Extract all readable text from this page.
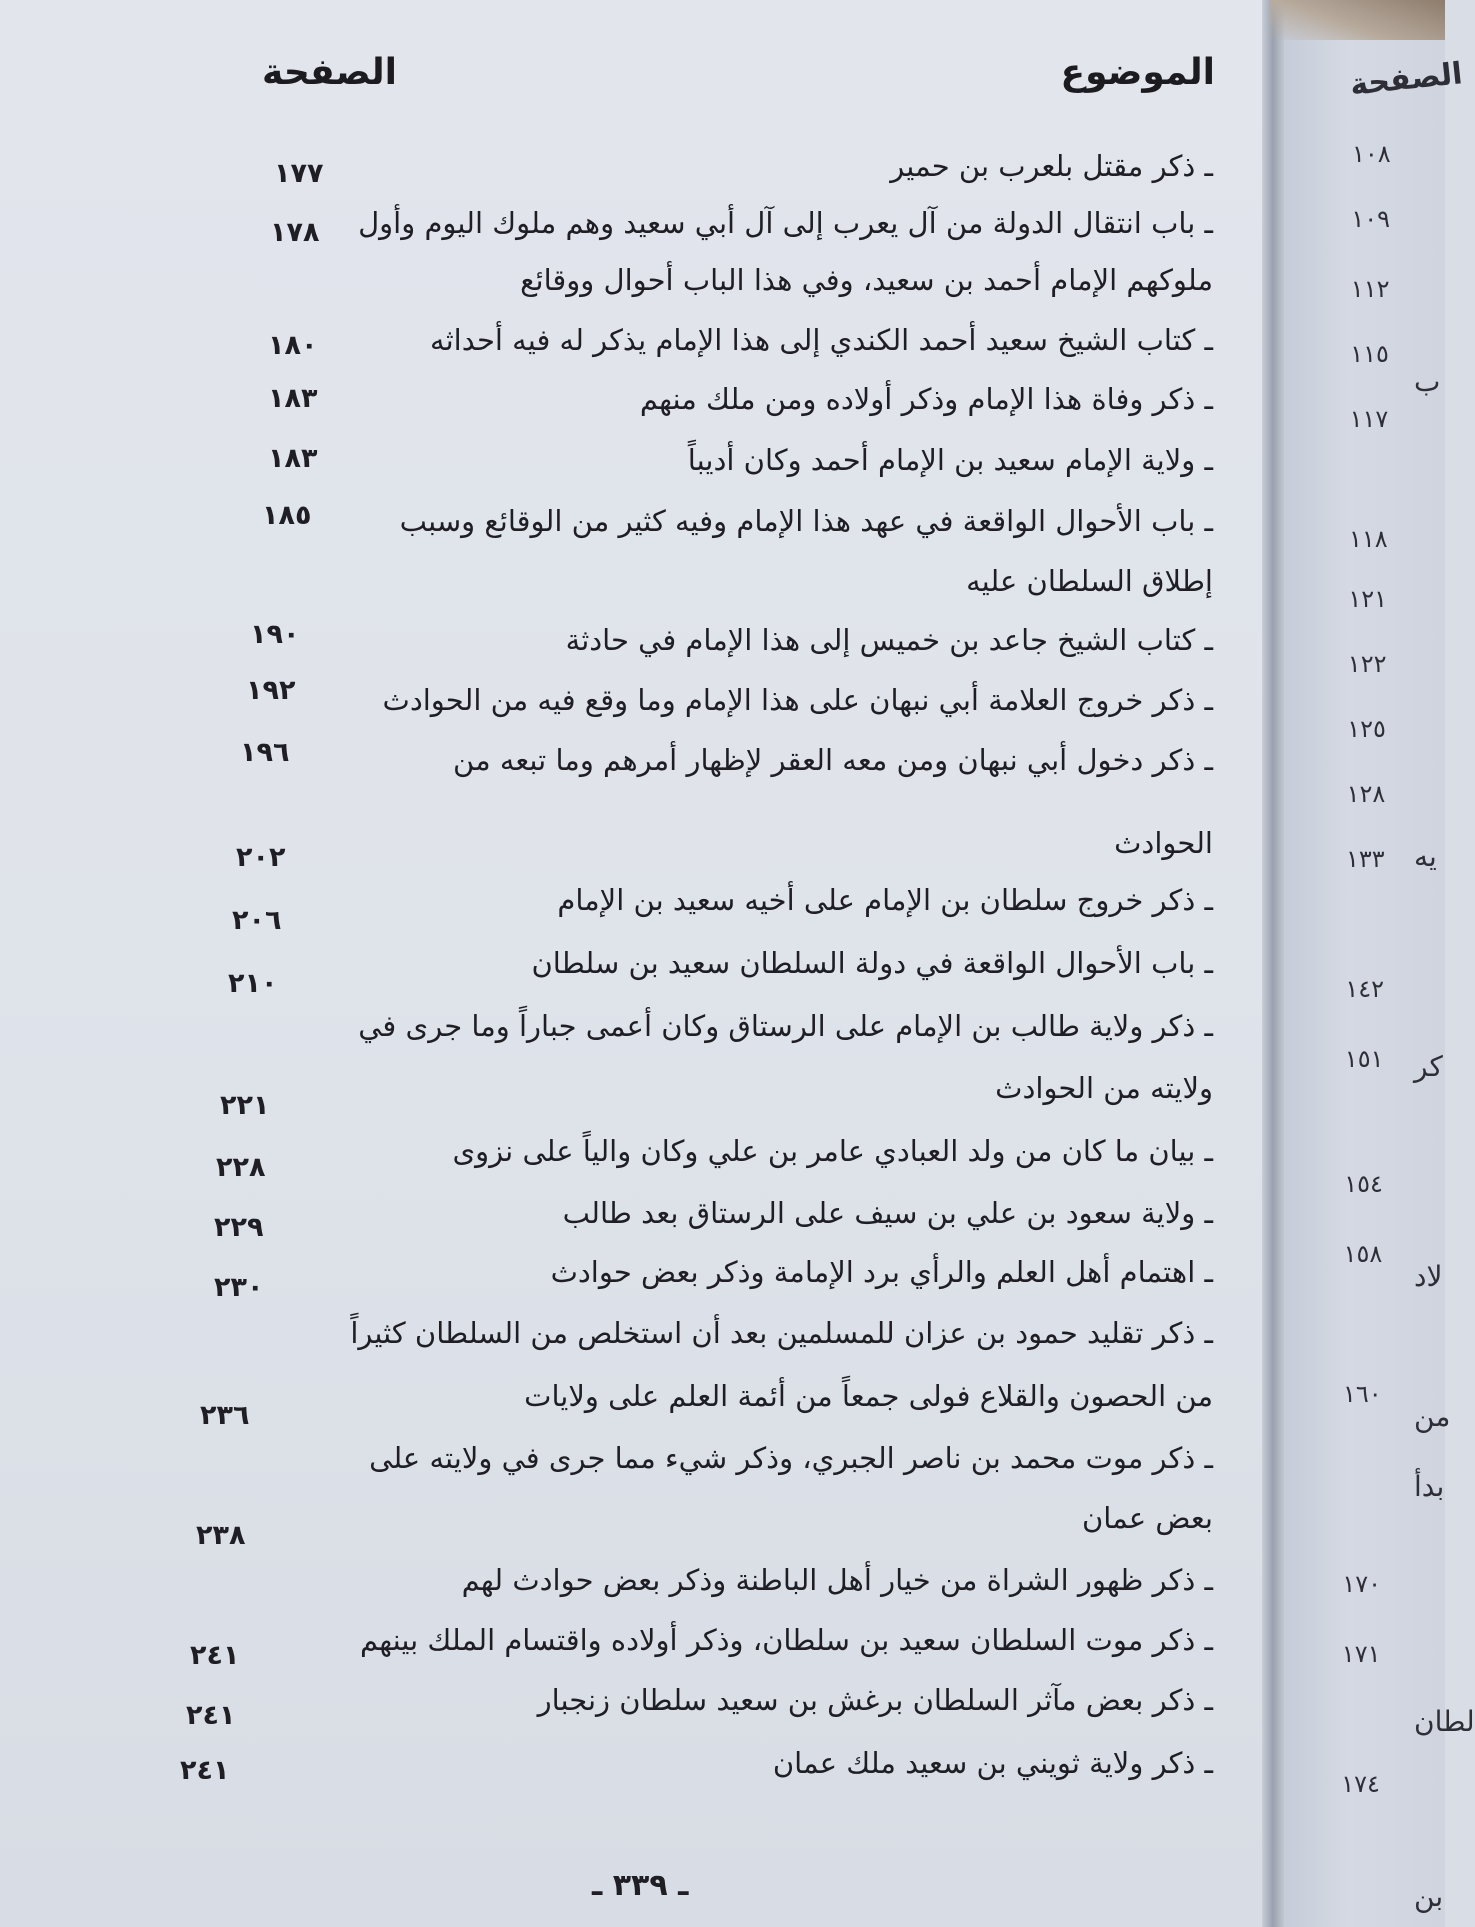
الموضوع
الصفحة
ـ ذكر مقتل بلعرب بن حمير
١٧٧
ـ باب انتقال الدولة من آل يعرب إلى آل أبي سعيد وهم ملوك اليوم وأول
١٧٨
ملوكهم الإمام أحمد بن سعيد، وفي هذا الباب أحوال ووقائع
ـ كتاب الشيخ سعيد أحمد الكندي إلى هذا الإمام يذكر له فيه أحداثه
١٨٠
ـ ذكر وفاة هذا الإمام وذكر أولاده ومن ملك منهم
١٨٣
ـ ولاية الإمام سعيد بن الإمام أحمد وكان أديباً
١٨٣
ـ باب الأحوال الواقعة في عهد هذا الإمام وفيه كثير من الوقائع وسبب
١٨٥
إطلاق السلطان عليه
ـ كتاب الشيخ جاعد بن خميس إلى هذا الإمام في حادثة
١٩٠
ـ ذكر خروج العلامة أبي نبهان على هذا الإمام وما وقع فيه من الحوادث
١٩٢
ـ ذكر دخول أبي نبهان ومن معه العقر لإظهار أمرهم وما تبعه من
١٩٦
الحوادث
ـ ذكر خروج سلطان بن الإمام على أخيه سعيد بن الإمام
٢٠٢
ـ باب الأحوال الواقعة في دولة السلطان سعيد بن سلطان
٢٠٦
ـ ذكر ولاية طالب بن الإمام على الرستاق وكان أعمى جباراً وما جرى في
٢١٠
ولايته من الحوادث
ـ بيان ما كان من ولد العبادي عامر بن علي وكان والياً على نزوى
٢٢١
ـ ولاية سعود بن علي بن سيف على الرستاق بعد طالب
٢٢٨
ـ اهتمام أهل العلم والرأي برد الإمامة وذكر بعض حوادث
٢٢٩
ـ ذكر تقليد حمود بن عزان للمسلمين بعد أن استخلص من السلطان كثيراً
٢٣٠
من الحصون والقلاع فولى جمعاً من أئمة العلم على ولايات
ـ ذكر موت محمد بن ناصر الجبري، وذكر شيء مما جرى في ولايته على
٢٣٦
بعض عمان
ـ ذكر ظهور الشراة من خيار أهل الباطنة وذكر بعض حوادث لهم
٢٣٨
ـ ذكر موت السلطان سعيد بن سلطان، وذكر أولاده واقتسام الملك بينهم
٢٤١
ـ ذكر بعض مآثر السلطان برغش بن سعيد سلطان زنجبار
٢٤١
ـ ذكر ولاية ثويني بن سعيد ملك عمان
٢٤١
ـ ٣٣٩ ـ
الصفحة
١٠٨
١٠٩
١١٢
١١٥
١١٧
١١٨
١٢١
١٢٢
١٢٥
١٢٨
١٣٣
١٤٢
١٥١
١٥٤
١٥٨
١٦٠
١٧٠
١٧١
١٧٤
ب
يه
كر
لاد
من
بدأ
لطان
بن
